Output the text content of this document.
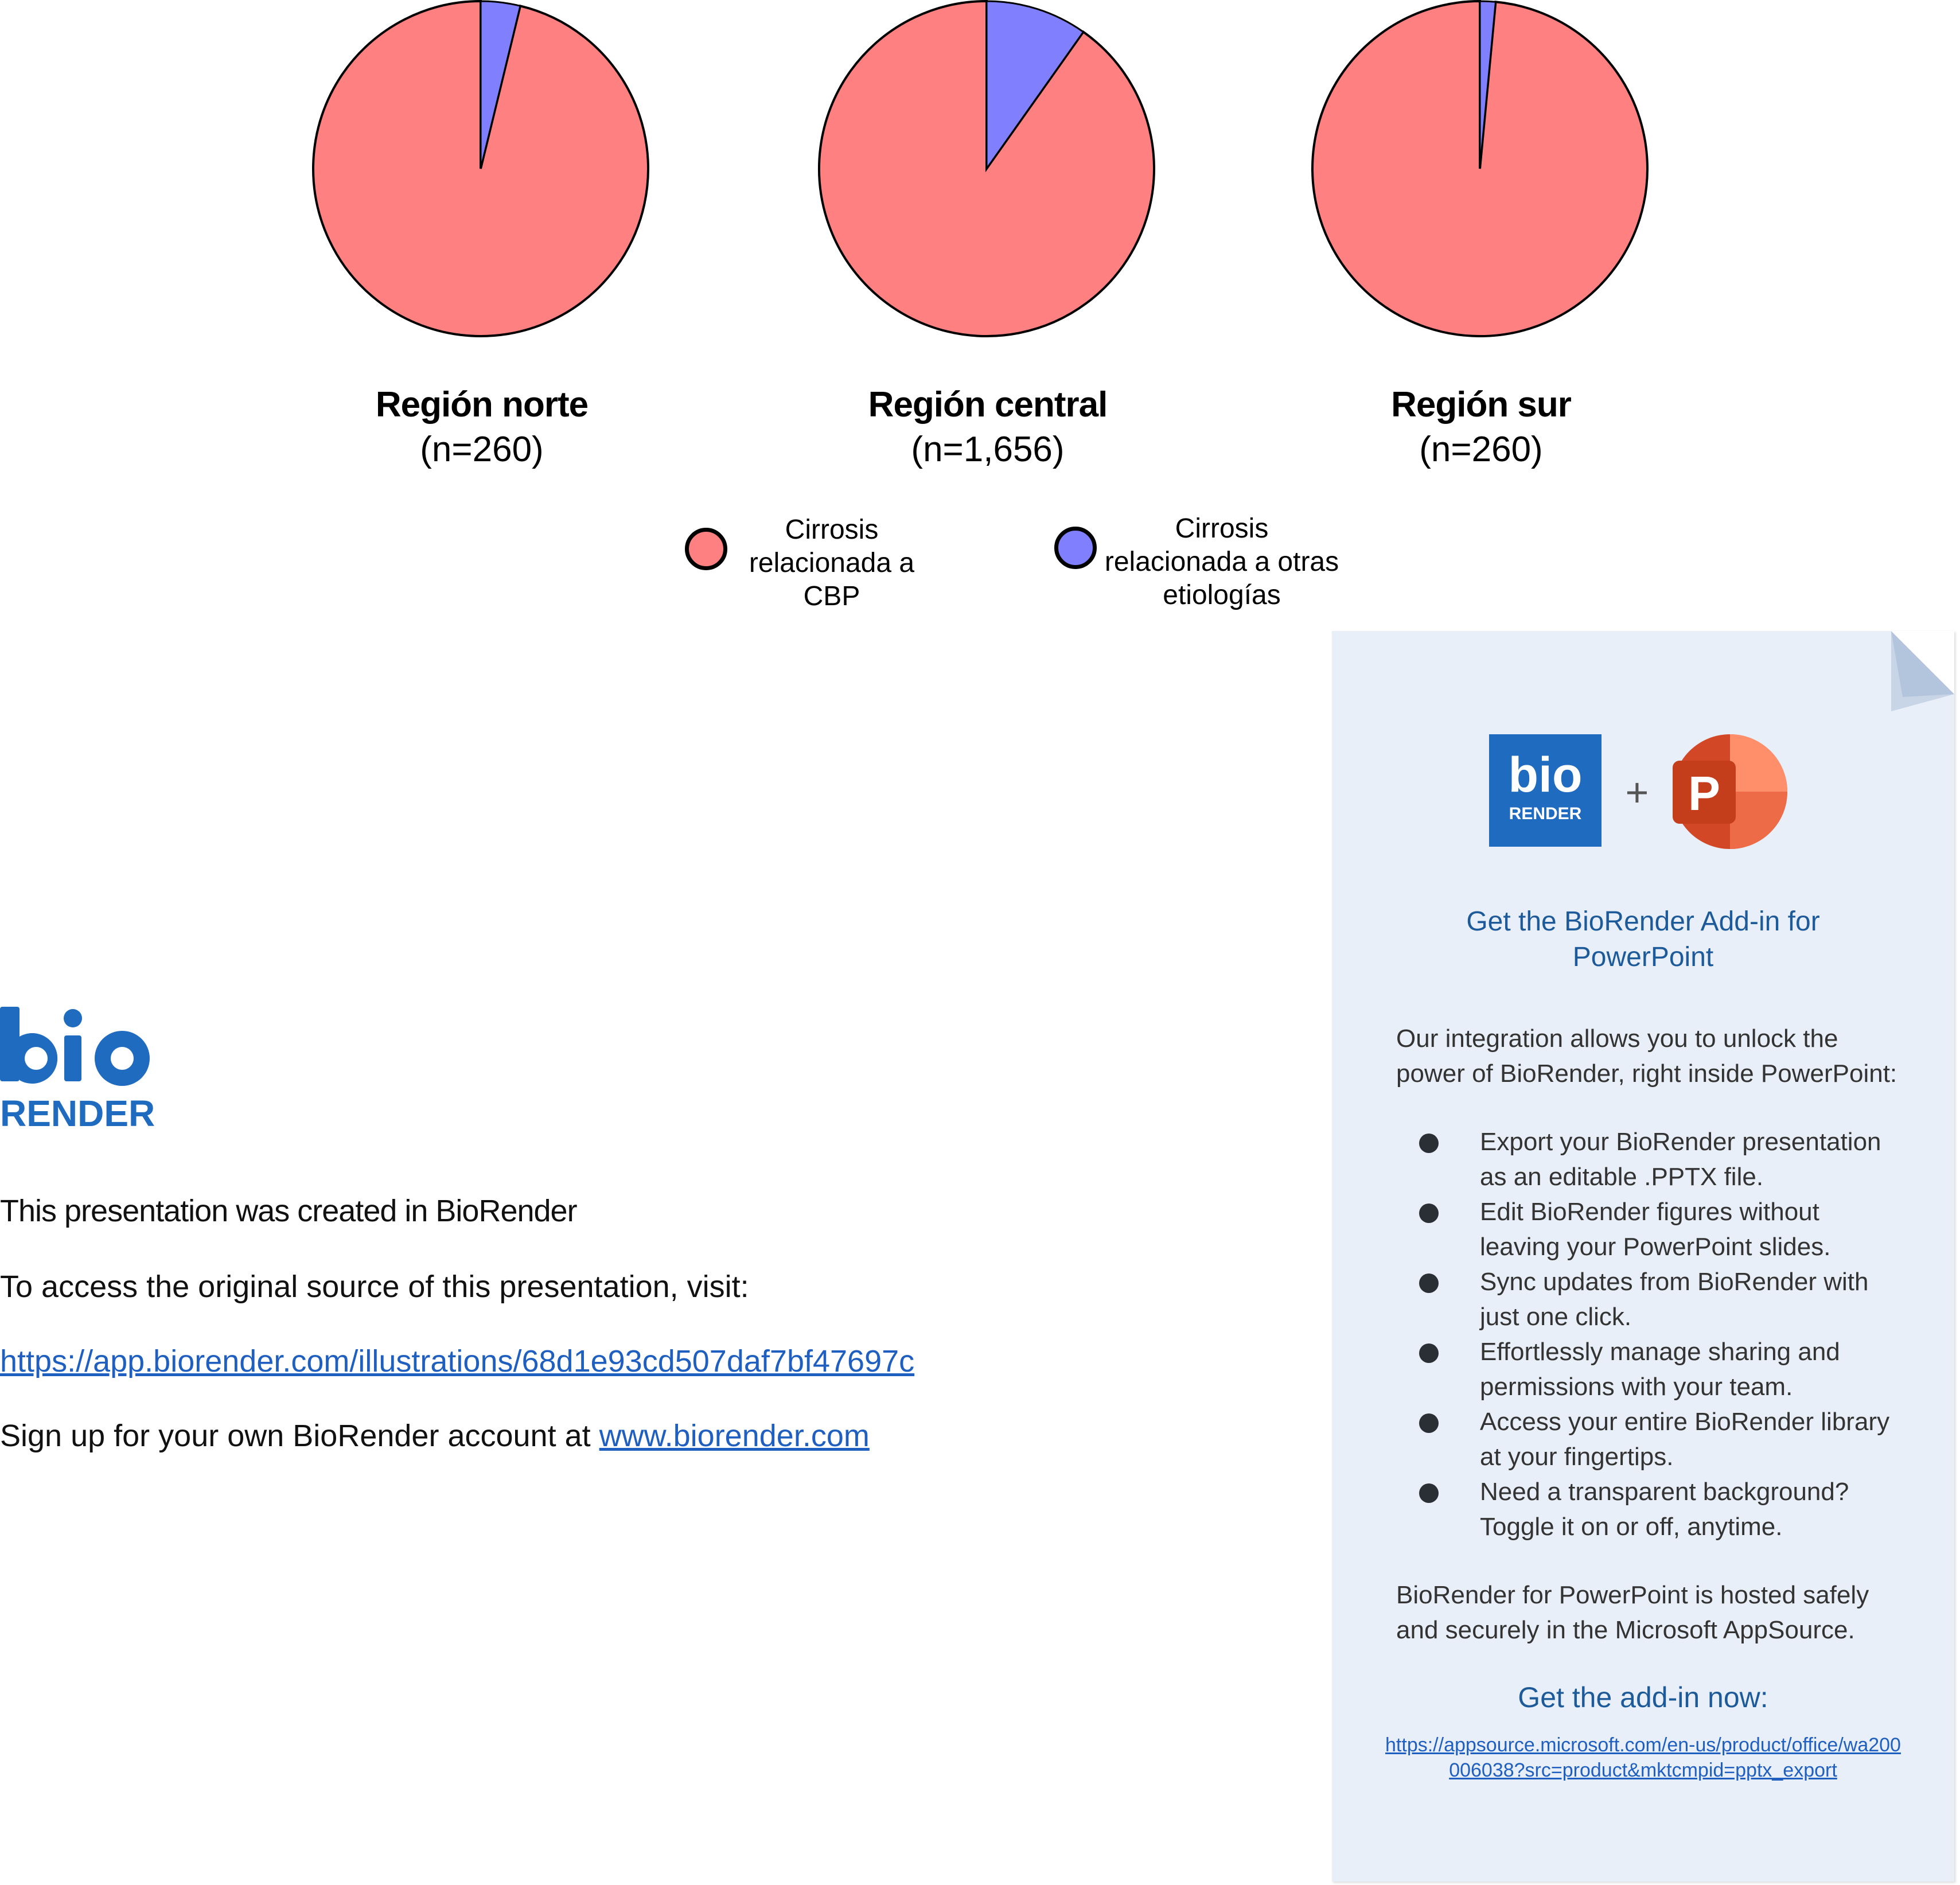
Región norte
(n=260)
Región central
(n=1,656)
Región sur
(n=260)
Cirrosis
relacionada a
CBP
Cirrosis
relacionada a otras
etiologías
RENDER
This presentation was created in BioRender
To access the original source of this presentation, visit:
https://app.biorender.com/illustrations/68d1e93cd507daf7bf47697c
Sign up for your own BioRender account at www.biorender.com
bio
RENDER + P
Get the BioRender Add-in for
PowerPoint
Our integration allows you to unlock the
power of BioRender, right inside PowerPoint:
Export your BioRender presentation
as an editable .PPTX file.
Edit BioRender figures without
leaving your PowerPoint slides.
Sync updates from BioRender with
just one click.
Effortlessly manage sharing and
permissions with your team.
Access your entire BioRender library
at your fingertips.
Need a transparent background?
Toggle it on or off, anytime.
BioRender for PowerPoint is hosted safely
and securely in the Microsoft AppSource.
Get the add-in now:
https://appsource.microsoft.com/en-us/product/office/wa200006038?src=product&mktcmpid=pptx_export
